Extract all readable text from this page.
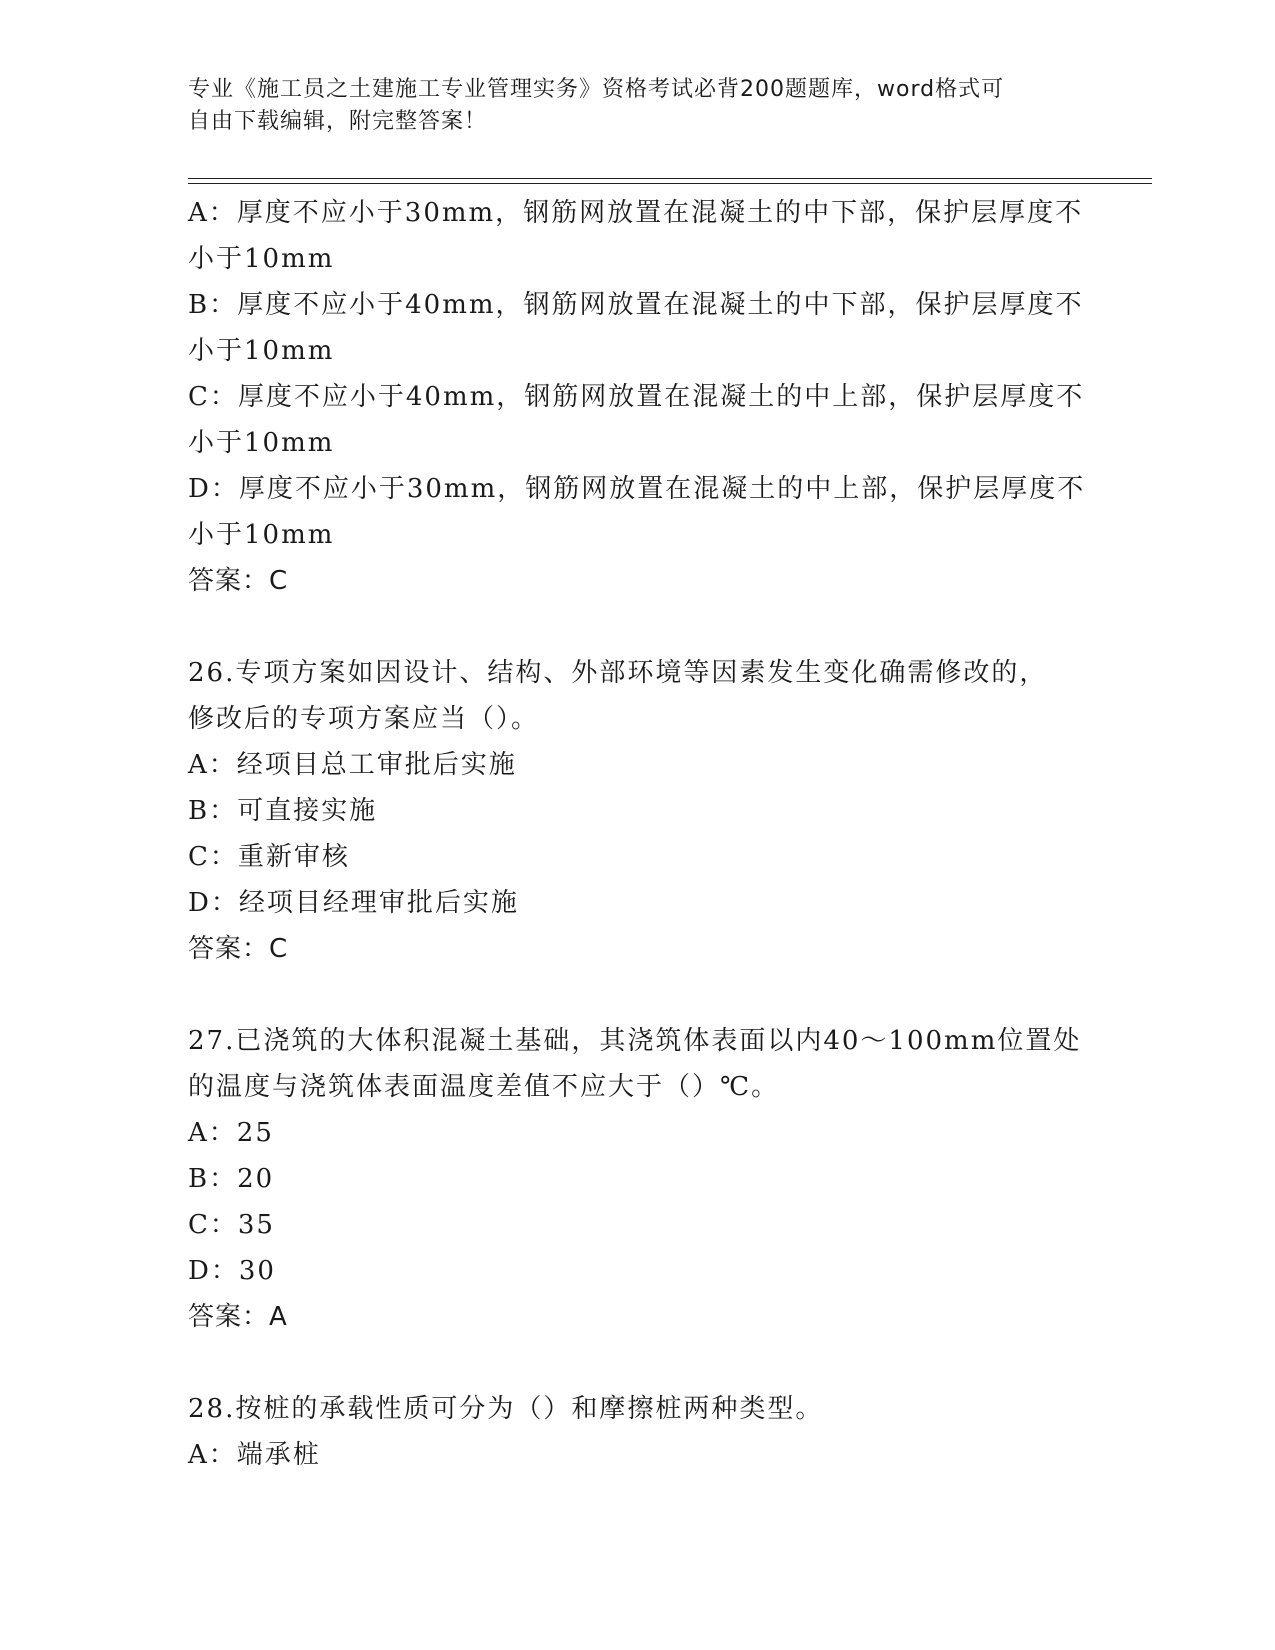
专业《施工员之土建施工专业管理实务》资格考试必背200题题库，word格式可
自由下载编辑，附完整答案！
A：厚度不应小于30mm，钢筋网放置在混凝土的中下部，保护层厚度不
小于10mm
B：厚度不应小于40mm，钢筋网放置在混凝土的中下部，保护层厚度不
小于10mm
C：厚度不应小于40mm，钢筋网放置在混凝土的中上部，保护层厚度不
小于10mm
D：厚度不应小于30mm，钢筋网放置在混凝土的中上部，保护层厚度不
小于10mm
答案：C
26.专项方案如因设计、结构、外部环境等因素发生变化确需修改的，
修改后的专项方案应当（）。
A：经项目总工审批后实施
B：可直接实施
C：重新审核
D：经项目经理审批后实施
答案：C
27.已浇筑的大体积混凝土基础，其浇筑体表面以内40～100mm位置处
的温度与浇筑体表面温度差值不应大于（）℃。
A：25
B：20
C：35
D：30
答案：A
28.按桩的承载性质可分为（）和摩擦桩两种类型。
A：端承桩
